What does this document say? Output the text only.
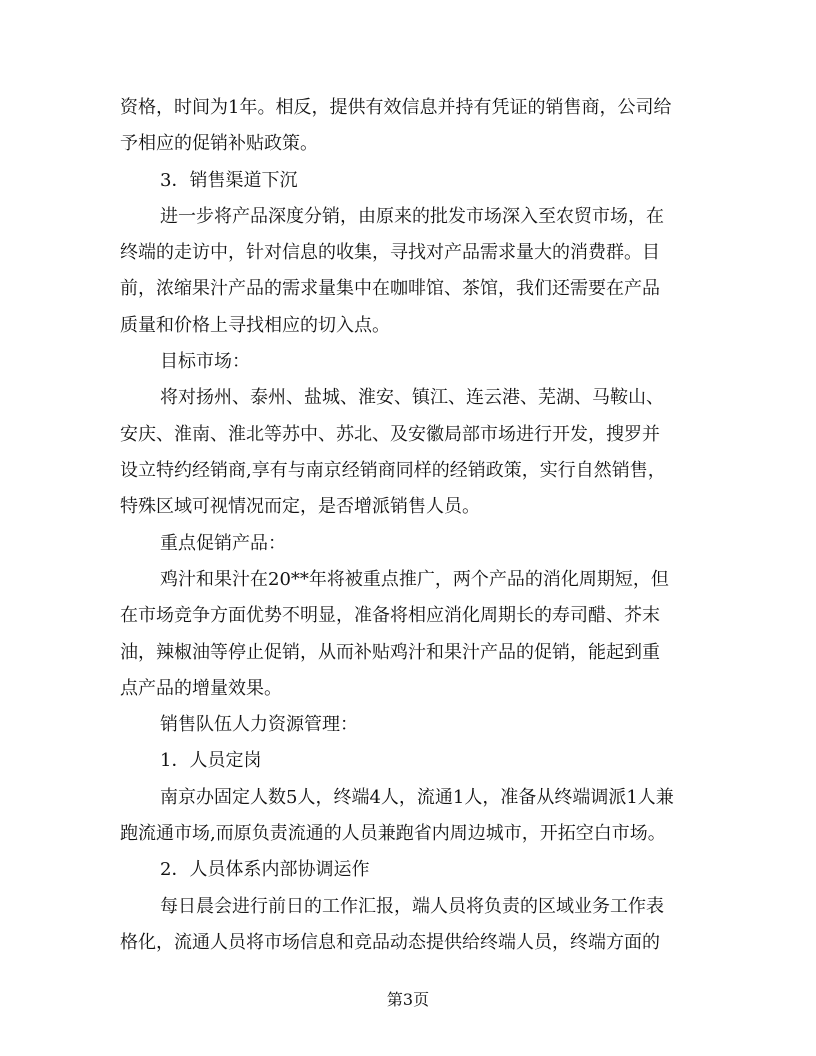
资格，时间为1年。相反，提供有效信息并持有凭证的销售商，公司给
予相应的促销补贴政策。
3．销售渠道下沉
进一步将产品深度分销，由原来的批发市场深入至农贸市场，在
终端的走访中，针对信息的收集，寻找对产品需求量大的消费群。目
前，浓缩果汁产品的需求量集中在咖啡馆、茶馆，我们还需要在产品
质量和价格上寻找相应的切入点。
目标市场：
将对扬州、泰州、盐城、淮安、镇江、连云港、芜湖、马鞍山、
安庆、淮南、淮北等苏中、苏北、及安徽局部市场进行开发，搜罗并
设立特约经销商,享有与南京经销商同样的经销政策，实行自然销售，
特殊区域可视情况而定，是否增派销售人员。
重点促销产品：
鸡汁和果汁在20**年将被重点推广，两个产品的消化周期短，但
在市场竞争方面优势不明显，准备将相应消化周期长的寿司醋、芥末
油，辣椒油等停止促销，从而补贴鸡汁和果汁产品的促销，能起到重
点产品的增量效果。
销售队伍人力资源管理：
1．人员定岗
南京办固定人数5人，终端4人，流通1人，准备从终端调派1人兼
跑流通市场,而原负责流通的人员兼跑省内周边城市，开拓空白市场。
2．人员体系内部协调运作
每日晨会进行前日的工作汇报，端人员将负责的区域业务工作表
格化，流通人员将市场信息和竞品动态提供给终端人员，终端方面的
第3页
